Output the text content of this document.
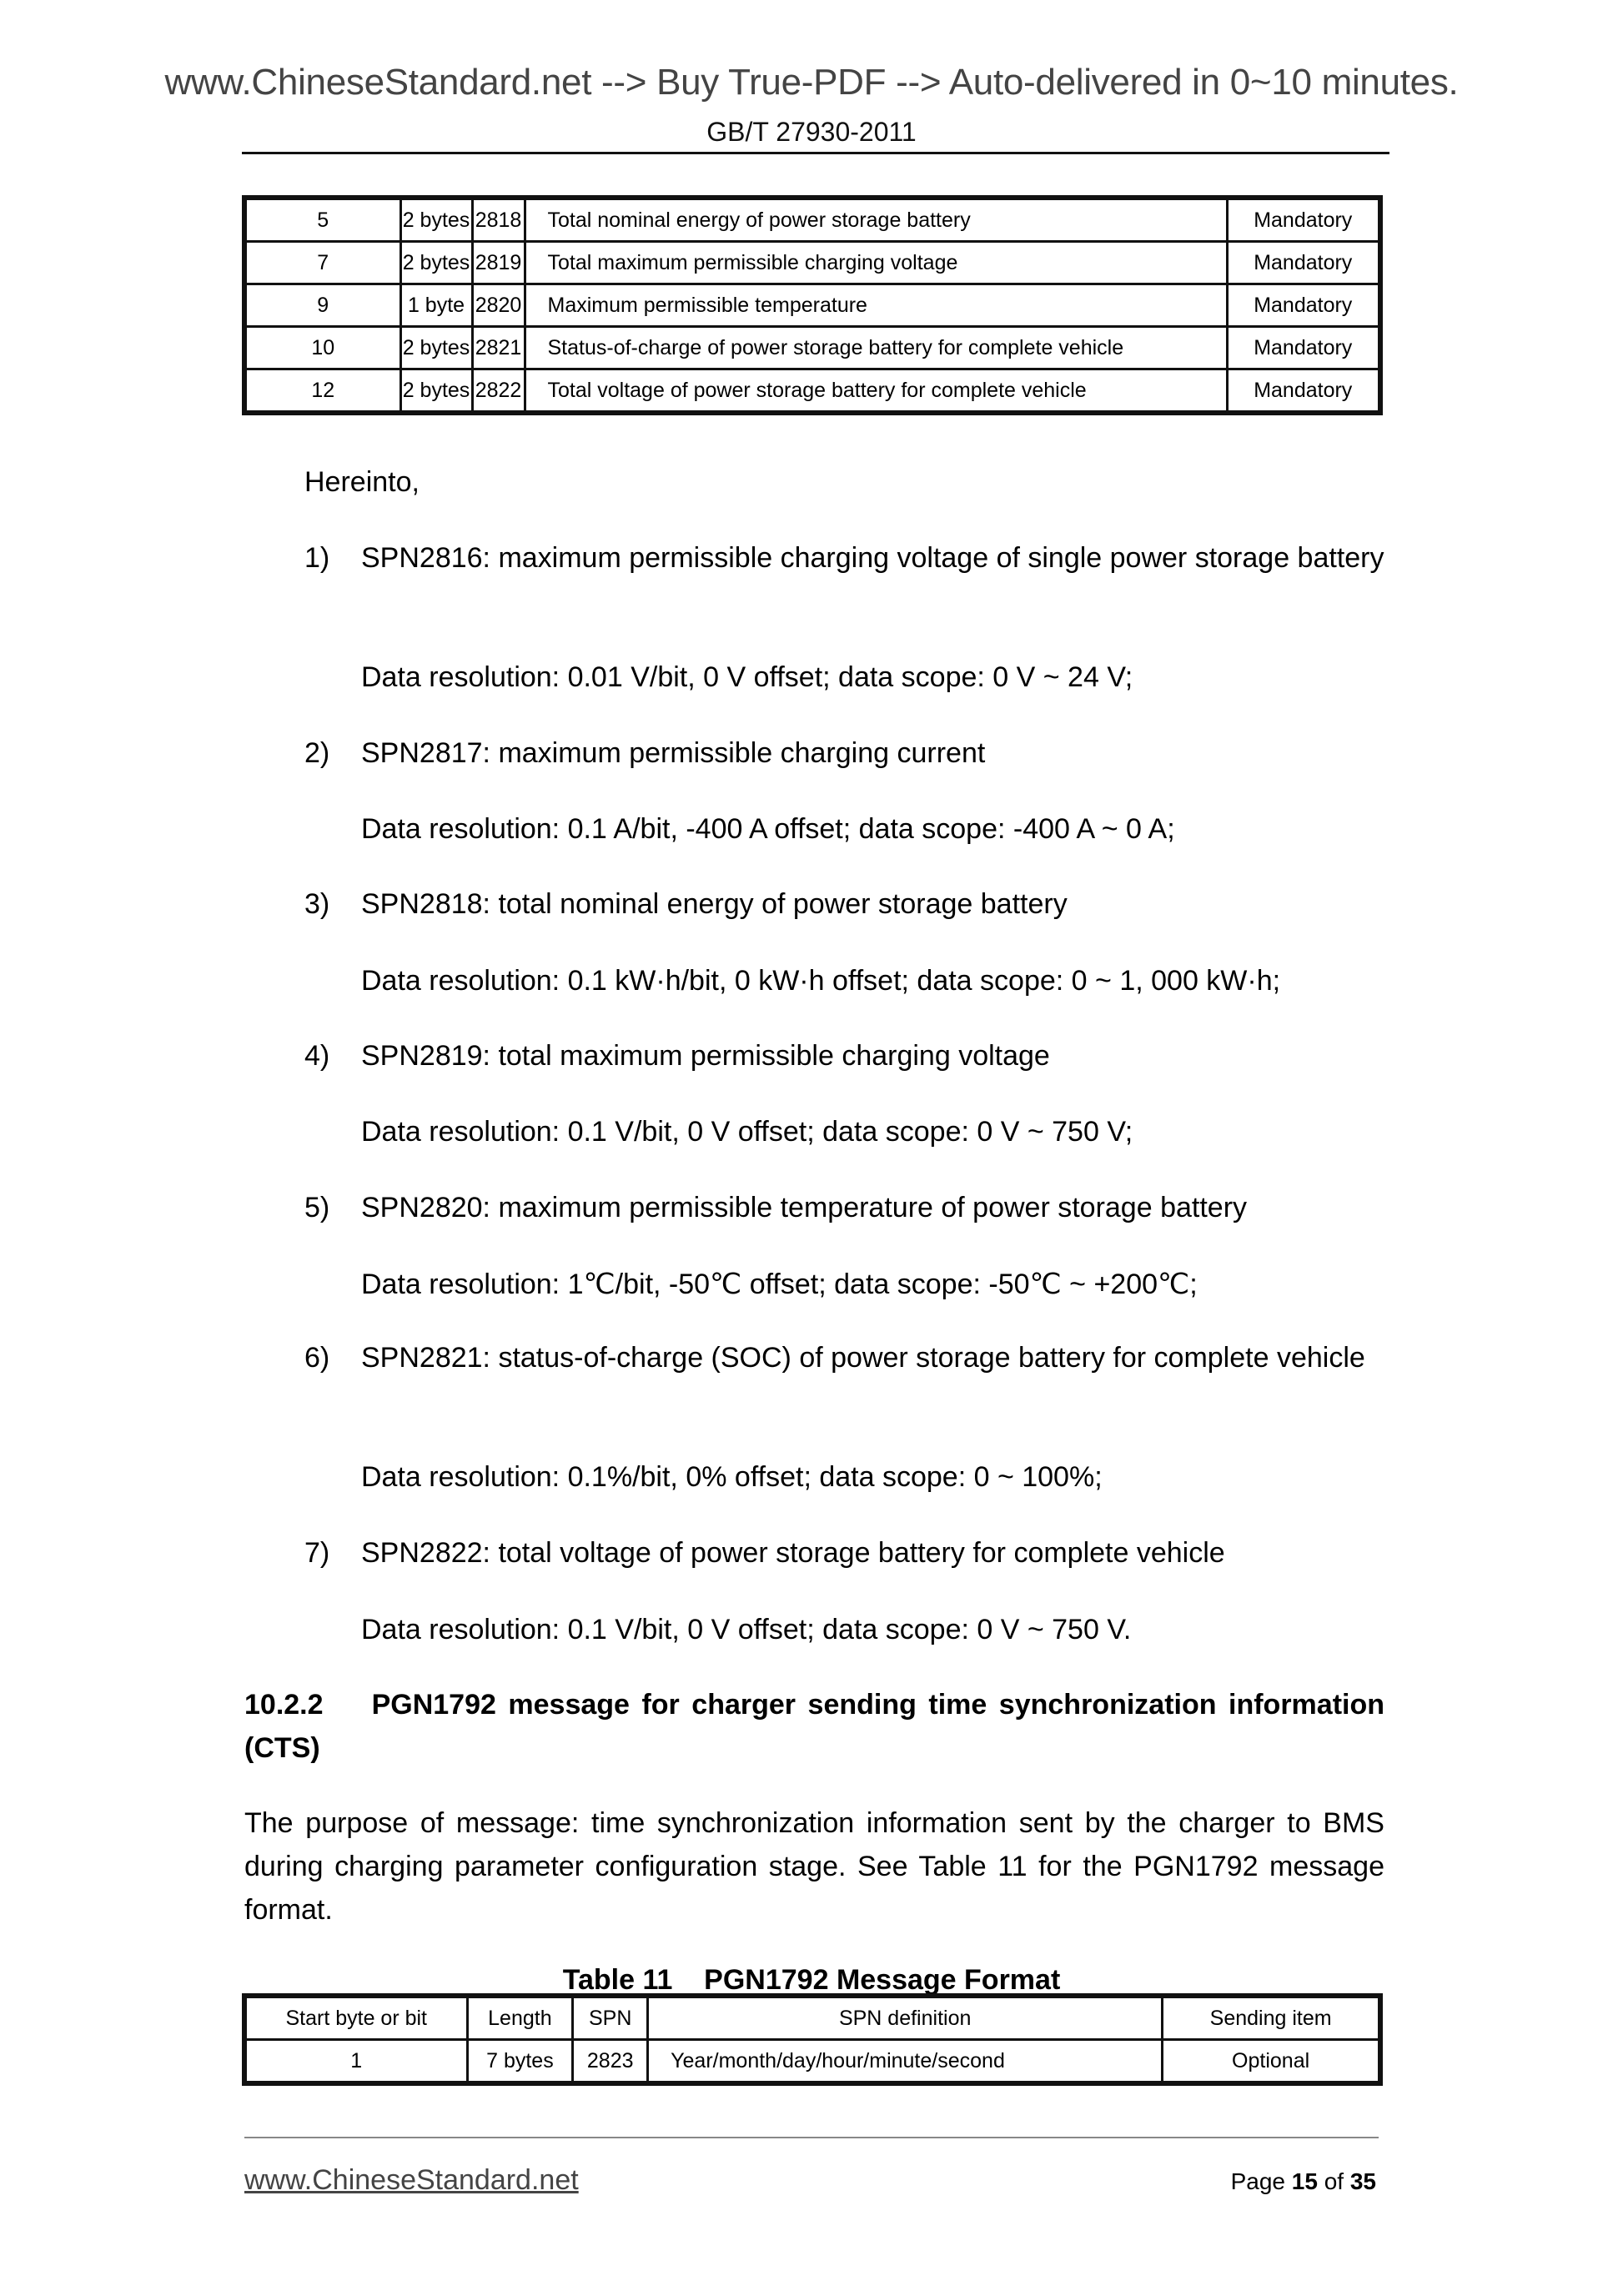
www.ChineseStandard.net --> Buy True-PDF --> Auto-delivered in 0~10 minutes.
GB/T 27930-2011
5	2 bytes	2818	Total nominal energy of power storage battery	Mandatory
7	2 bytes	2819	Total maximum permissible charging voltage	Mandatory
9	1 byte	2820	Maximum permissible temperature	Mandatory
10	2 bytes	2821	Status-of-charge of power storage battery for complete vehicle	Mandatory
12	2 bytes	2822	Total voltage of power storage battery for complete vehicle	Mandatory
Hereinto,
1) SPN2816: maximum permissible charging voltage of single power storage battery
Data resolution: 0.01 V/bit, 0 V offset; data scope: 0 V ~ 24 V;
2) SPN2817: maximum permissible charging current
Data resolution: 0.1 A/bit, -400 A offset; data scope: -400 A ~ 0 A;
3) SPN2818: total nominal energy of power storage battery
Data resolution: 0.1 kW·h/bit, 0 kW·h offset; data scope: 0 ~ 1, 000 kW·h;
4) SPN2819: total maximum permissible charging voltage
Data resolution: 0.1 V/bit, 0 V offset; data scope: 0 V ~ 750 V;
5) SPN2820: maximum permissible temperature of power storage battery
Data resolution: 1℃/bit, -50℃ offset; data scope: -50℃ ~ +200℃;
6) SPN2821: status-of-charge (SOC) of power storage battery for complete vehicle
Data resolution: 0.1%/bit, 0% offset; data scope: 0 ~ 100%;
7) SPN2822: total voltage of power storage battery for complete vehicle
Data resolution: 0.1 V/bit, 0 V offset; data scope: 0 V ~ 750 V.
10.2.2    PGN1792 message for charger sending time synchronization information (CTS)
The purpose of message: time synchronization information sent by the charger to BMS during charging parameter configuration stage. See Table 11 for the PGN1792 message format.
Table 11    PGN1792 Message Format
Start byte or bit	Length	SPN	SPN definition	Sending item
1	7 bytes	2823	Year/month/day/hour/minute/second	Optional
www.ChineseStandard.net	Page 15 of 35
